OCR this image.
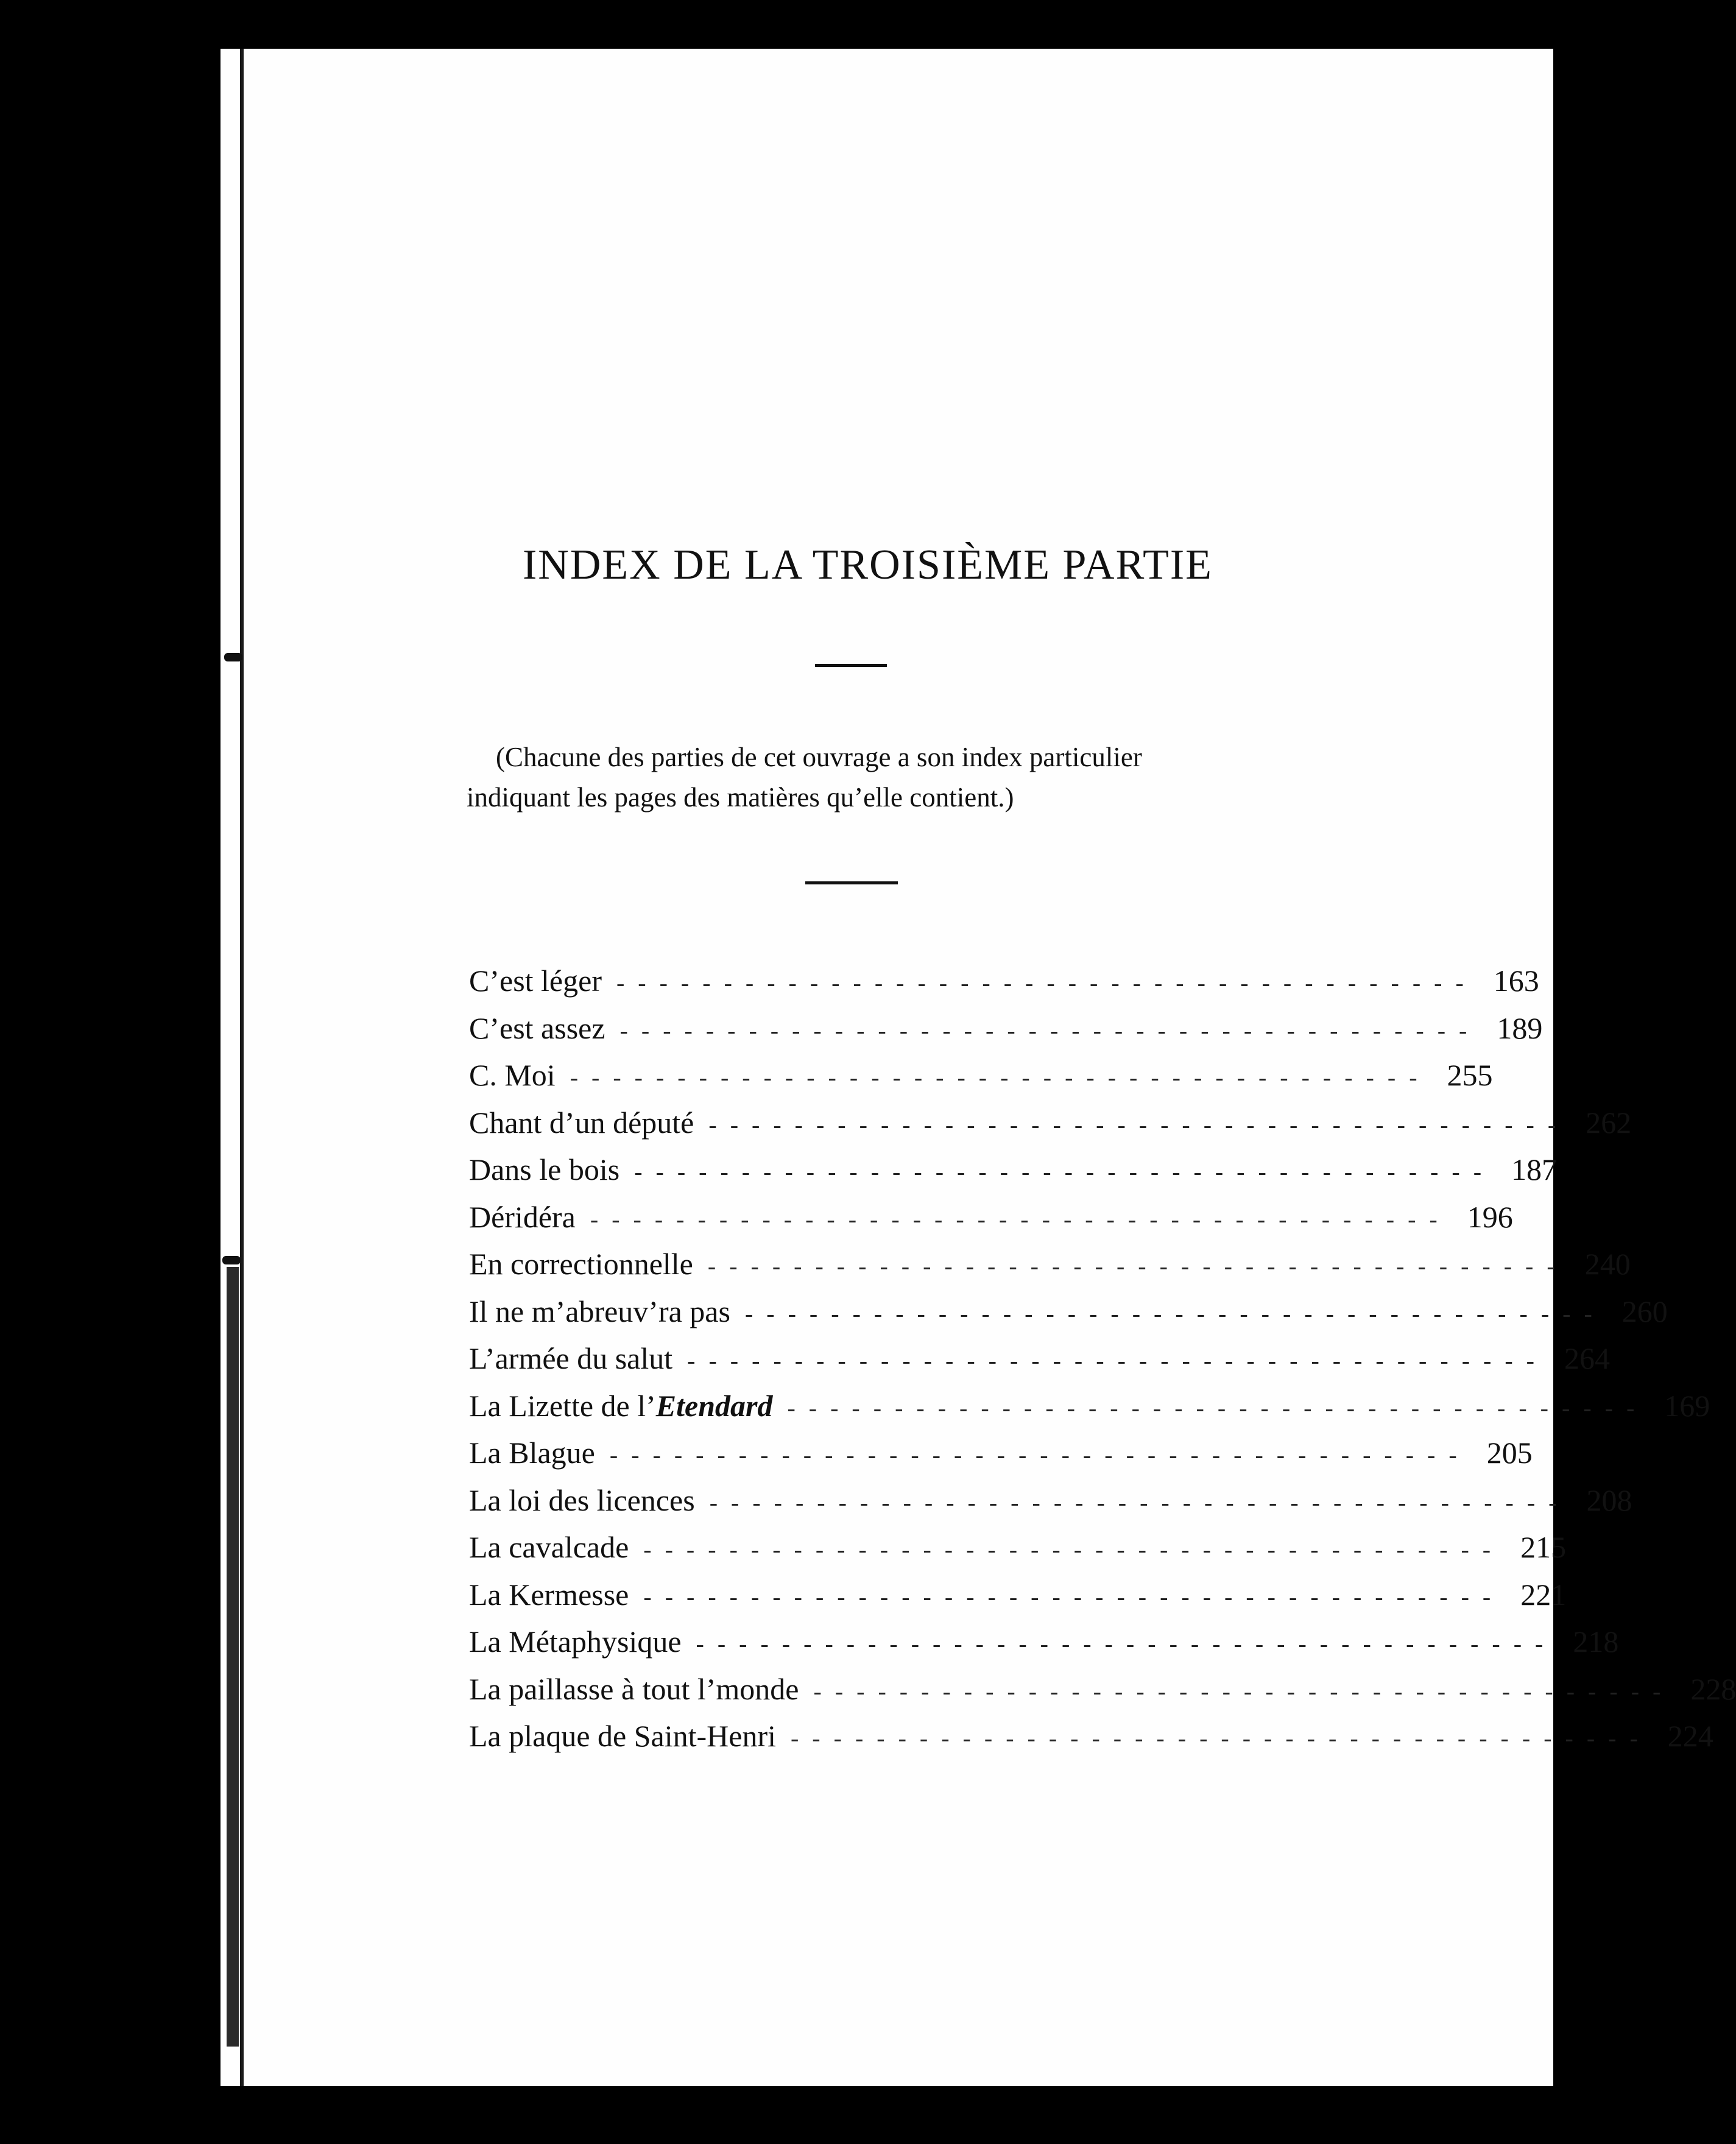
INDEX DE LA TROISIÈME PARTIE

(Chacune des parties de cet ouvrage a son index particulier

indiquant les pages des matières qu’elle contient.)

C’est léger ---------------------------------------- 163
C’est assez ---------------------------------------- 189
C. Moi ---------------------------------------- 255
Chant d’un député ---------------------------------------- 262
Dans le bois ---------------------------------------- 187
Déridéra ---------------------------------------- 196
En correctionnelle ---------------------------------------- 240
Il ne m’abreuv’ra pas ---------------------------------------- 260
L’armée du salut ---------------------------------------- 264
La Lizette de l’Etendard ---------------------------------------- 169
La Blague ---------------------------------------- 205
La loi des licences ---------------------------------------- 208
La cavalcade ---------------------------------------- 215
La Kermesse ---------------------------------------- 221
La Métaphysique ---------------------------------------- 218
La paillasse à tout l’monde ---------------------------------------- 228
La plaque de Saint-Henri ---------------------------------------- 224
